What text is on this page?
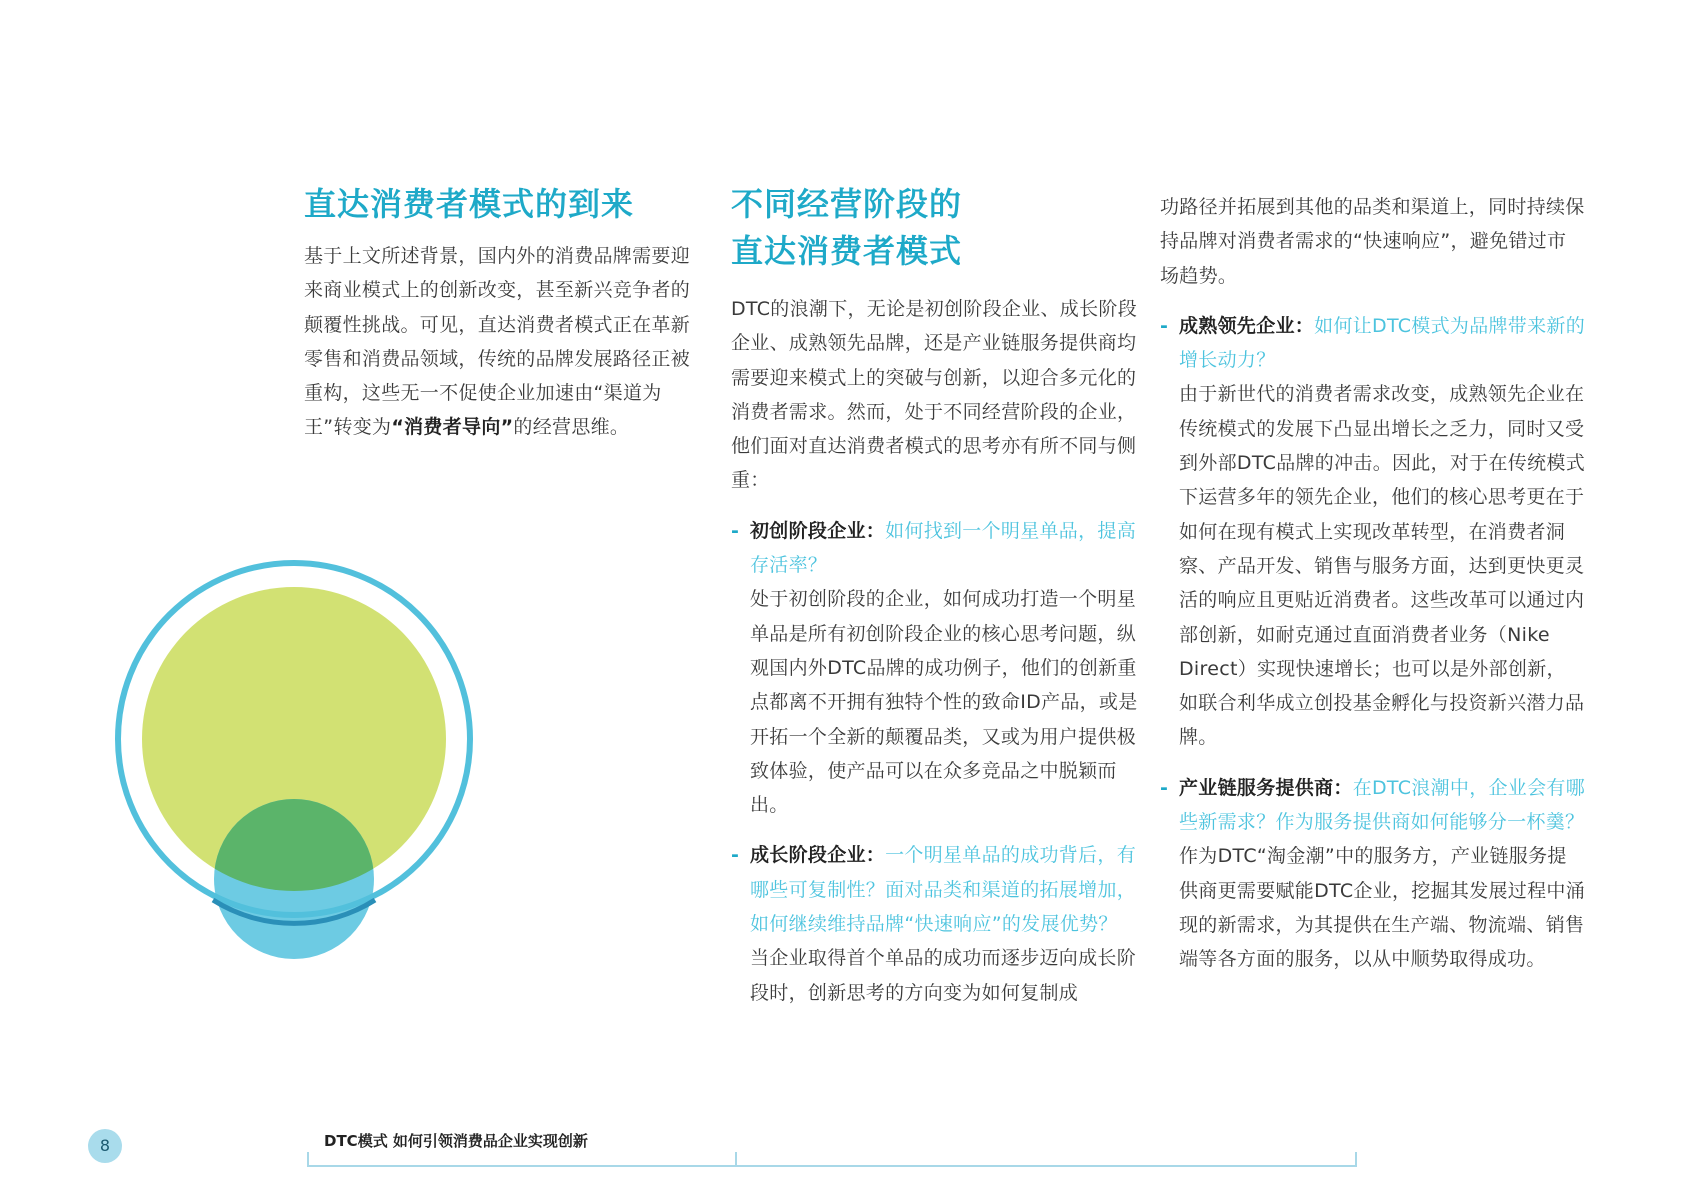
直达消费者模式的到来

基于上文所述背景，国内外的消费品牌需要迎来商业模式上的创新改变，甚至新兴竞争者的颠覆性挑战。可见，直达消费者模式正在革新零售和消费品领域，传统的品牌发展路径正被重构，这些无一不促使企业加速由“渠道为王”转变为“消费者导向”的经营思维。

不同经营阶段的
直达消费者模式

DTC的浪潮下，无论是初创阶段企业、成长阶段企业、成熟领先品牌，还是产业链服务提供商均需要迎来模式上的突破与创新，以迎合多元化的消费者需求。然而，处于不同经营阶段的企业，他们面对直达消费者模式的思考亦有所不同与侧重：

- 初创阶段企业：如何找到一个明星单品，提高存活率？

处于初创阶段的企业，如何成功打造一个明星单品是所有初创阶段企业的核心思考问题，纵观国内外DTC品牌的成功例子，他们的创新重点都离不开拥有独特个性的致命ID产品，或是开拓一个全新的颠覆品类，又或为用户提供极致体验，使产品可以在众多竞品之中脱颖而出。

- 成长阶段企业：一个明星单品的成功背后，有哪些可复制性？面对品类和渠道的拓展增加，如何继续维持品牌“快速响应”的发展优势？

当企业取得首个单品的成功而逐步迈向成长阶段时，创新思考的方向变为如何复制成

功路径并拓展到其他的品类和渠道上，同时持续保持品牌对消费者需求的“快速响应”，避免错过市场趋势。

- 成熟领先企业：如何让DTC模式为品牌带来新的增长动力？

由于新世代的消费者需求改变，成熟领先企业在传统模式的发展下凸显出增长之乏力，同时又受到外部DTC品牌的冲击。因此，对于在传统模式下运营多年的领先企业，他们的核心思考更在于如何在现有模式上实现改革转型，在消费者洞察、产品开发、销售与服务方面，达到更快更灵活的响应且更贴近消费者。这些改革可以通过内部创新，如耐克通过直面消费者业务（Nike Direct）实现快速增长；也可以是外部创新，如联合利华成立创投基金孵化与投资新兴潜力品牌。

- 产业链服务提供商：在DTC浪潮中，企业会有哪些新需求？作为服务提供商如何能够分一杯羹？

作为DTC“淘金潮”中的服务方，产业链服务提供商更需要赋能DTC企业，挖掘其发展过程中涌现的新需求，为其提供在生产端、物流端、销售端等各方面的服务，以从中顺势取得成功。

8	DTC模式 如何引领消费品企业实现创新
